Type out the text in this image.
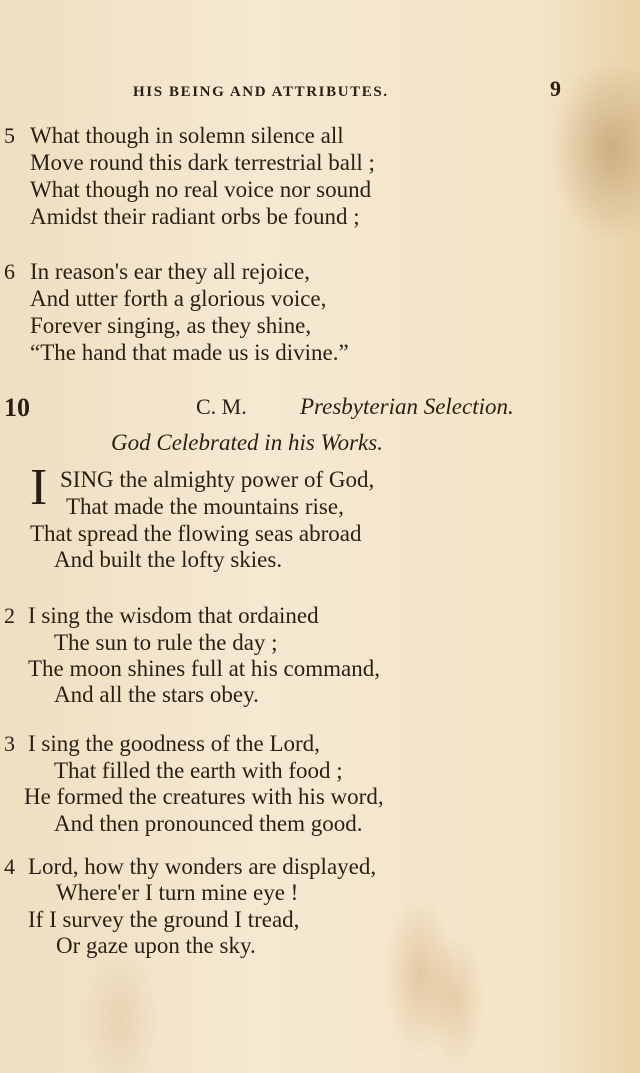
HIS BEING AND ATTRIBUTES.	9
5 What though in solemn silence all
Move round this dark terrestrial ball ;
What though no real voice nor sound
Amidst their radiant orbs be found ;
6 In reason's ear they all rejoice,
And utter forth a glorious voice,
Forever singing, as they shine,
“The hand that made us is divine.”
10	C. M. Presbyterian Selection.
God Celebrated in his Works.
I SING the almighty power of God,
That made the mountains rise,
That spread the flowing seas abroad
And built the lofty skies.
2 I sing the wisdom that ordained
The sun to rule the day ;
The moon shines full at his command,
And all the stars obey.
3 I sing the goodness of the Lord,
That filled the earth with food ;
He formed the creatures with his word,
And then pronounced them good.
4 Lord, how thy wonders are displayed,
Where'er I turn mine eye !
If I survey the ground I tread,
Or gaze upon the sky.
